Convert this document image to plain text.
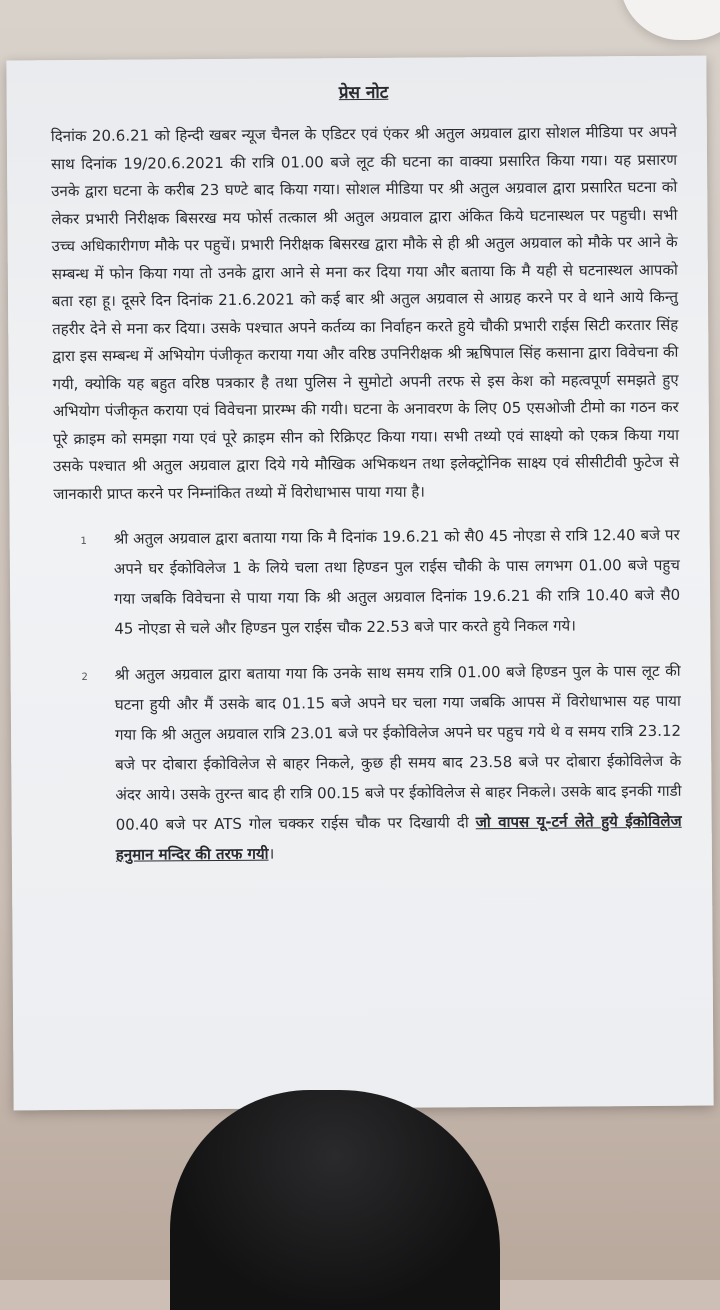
प्रेस नोट

दिनांक 20.6.21 को हिन्दी खबर न्यूज चैनल के एडिटर एवं एंकर श्री अतुल अग्रवाल द्वारा सोशल मीडिया पर अपने साथ दिनांक 19/20.6.2021 की रात्रि 01.00 बजे लूट की घटना का वाक्या प्रसारित किया गया। यह प्रसारण उनके द्वारा घटना के करीब 23 घण्टे बाद किया गया। सोशल मीडिया पर श्री अतुल अग्रवाल द्वारा प्रसारित घटना को लेकर प्रभारी निरीक्षक बिसरख मय फोर्स तत्काल श्री अतुल अग्रवाल द्वारा अंकित किये घटनास्थल पर पहुची। सभी उच्च अधिकारीगण मौके पर पहुचें। प्रभारी निरीक्षक बिसरख द्वारा मौके से ही श्री अतुल अग्रवाल को मौके पर आने के सम्बन्ध में फोन किया गया तो उनके द्वारा आने से मना कर दिया गया और बताया कि मै यही से घटनास्थल आपको बता रहा हू। दूसरे दिन दिनांक 21.6.2021 को कई बार श्री अतुल अग्रवाल से आग्रह करने पर वे थाने आये किन्तु तहरीर देने से मना कर दिया। उसके पश्चात अपने कर्तव्य का निर्वाहन करते हुये चौकी प्रभारी राईस सिटी करतार सिंह द्वारा इस सम्बन्ध में अभियोग पंजीकृत कराया गया और वरिष्ठ उपनिरीक्षक श्री ऋषिपाल सिंह कसाना द्वारा विवेचना की गयी, क्योकि यह बहुत वरिष्ठ पत्रकार है तथा पुलिस ने सुमोटो अपनी तरफ से इस केश को महत्वपूर्ण समझते हुए अभियोग पंजीकृत कराया एवं विवेचना प्रारम्भ की गयी। घटना के अनावरण के लिए 05 एसओजी टीमो का गठन कर पूरे क्राइम को समझा गया एवं पूरे क्राइम सीन को रिक्रिएट किया गया। सभी तथ्यो एवं साक्ष्यो को एकत्र किया गया उसके पश्चात श्री अतुल अग्रवाल द्वारा दिये गये मौखिक अभिकथन तथा इलेक्ट्रोनिक साक्ष्य एवं सीसीटीवी फुटेज से जानकारी प्राप्त करने पर निम्नांकित तथ्यो में विरोधाभास पाया गया है।

1	श्री अतुल अग्रवाल द्वारा बताया गया कि मै दिनांक 19.6.21 को सै0 45 नोएडा से रात्रि 12.40 बजे पर अपने घर ईकोविलेज 1 के लिये चला तथा हिण्डन पुल राईस चौकी के पास लगभग 01.00 बजे पहुच गया जबकि विवेचना से पाया गया कि श्री अतुल अग्रवाल दिनांक 19.6.21 की रात्रि 10.40 बजे सै0 45 नोएडा से चले और हिण्डन पुल राईस चौक 22.53 बजे पार करते हुये निकल गये।
2	श्री अतुल अग्रवाल द्वारा बताया गया कि उनके साथ समय रात्रि 01.00 बजे हिण्डन पुल के पास लूट की घटना हुयी और मैं उसके बाद 01.15 बजे अपने घर चला गया जबकि आपस में विरोधाभास यह पाया गया कि श्री अतुल अग्रवाल रात्रि 23.01 बजे पर ईकोविलेज अपने घर पहुच गये थे व समय रात्रि 23.12 बजे पर दोबारा ईकोविलेज से बाहर निकले, कुछ ही समय बाद 23.58 बजे पर दोबारा ईकोविलेज के अंदर आये। उसके तुरन्त बाद ही रात्रि 00.15 बजे पर ईकोविलेज से बाहर निकले। उसके बाद इनकी गाडी 00.40 बजे पर ATS गोल चक्कर राईस चौक पर दिखायी दी जो वापस यू-टर्न लेते हुये ईकोविलेज हनुमान मन्दिर की तरफ गयी।
